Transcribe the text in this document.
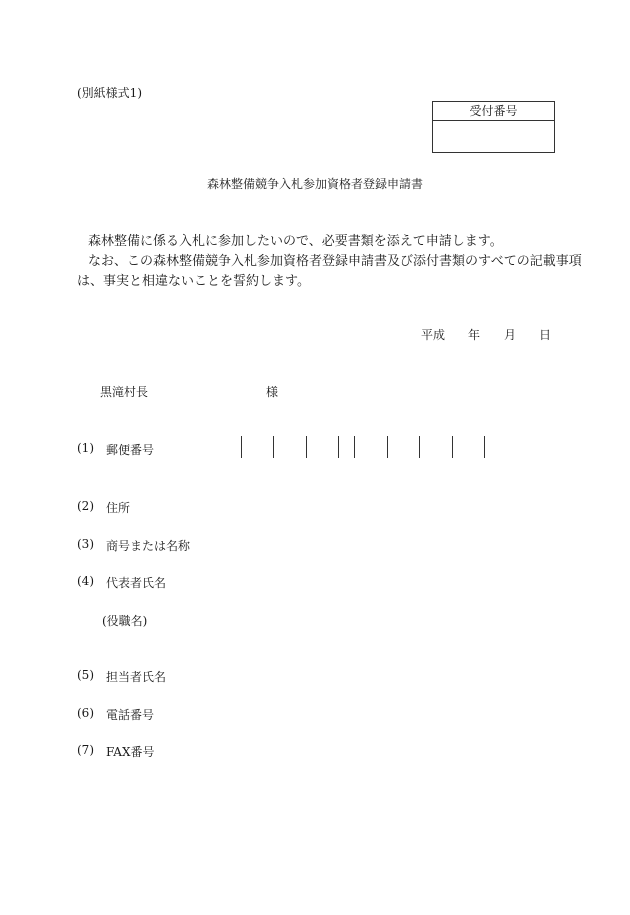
(別紙様式1)
受付番号
森林整備競争入札参加資格者登録申請書
森林整備に係る入札に参加したいので、必要書類を添えて申請します。
なお、この森林整備競争入札参加資格者登録申請書及び添付書類のすべての記載事項
は、事実と相違ないことを誓約します。
平成 年 月 日
黒滝村長	様
(1) 郵便番号
(2) 住所
(3) 商号または名称
(4) 代表者氏名
(役職名)
(5) 担当者氏名
(6) 電話番号
(7) FAX番号
